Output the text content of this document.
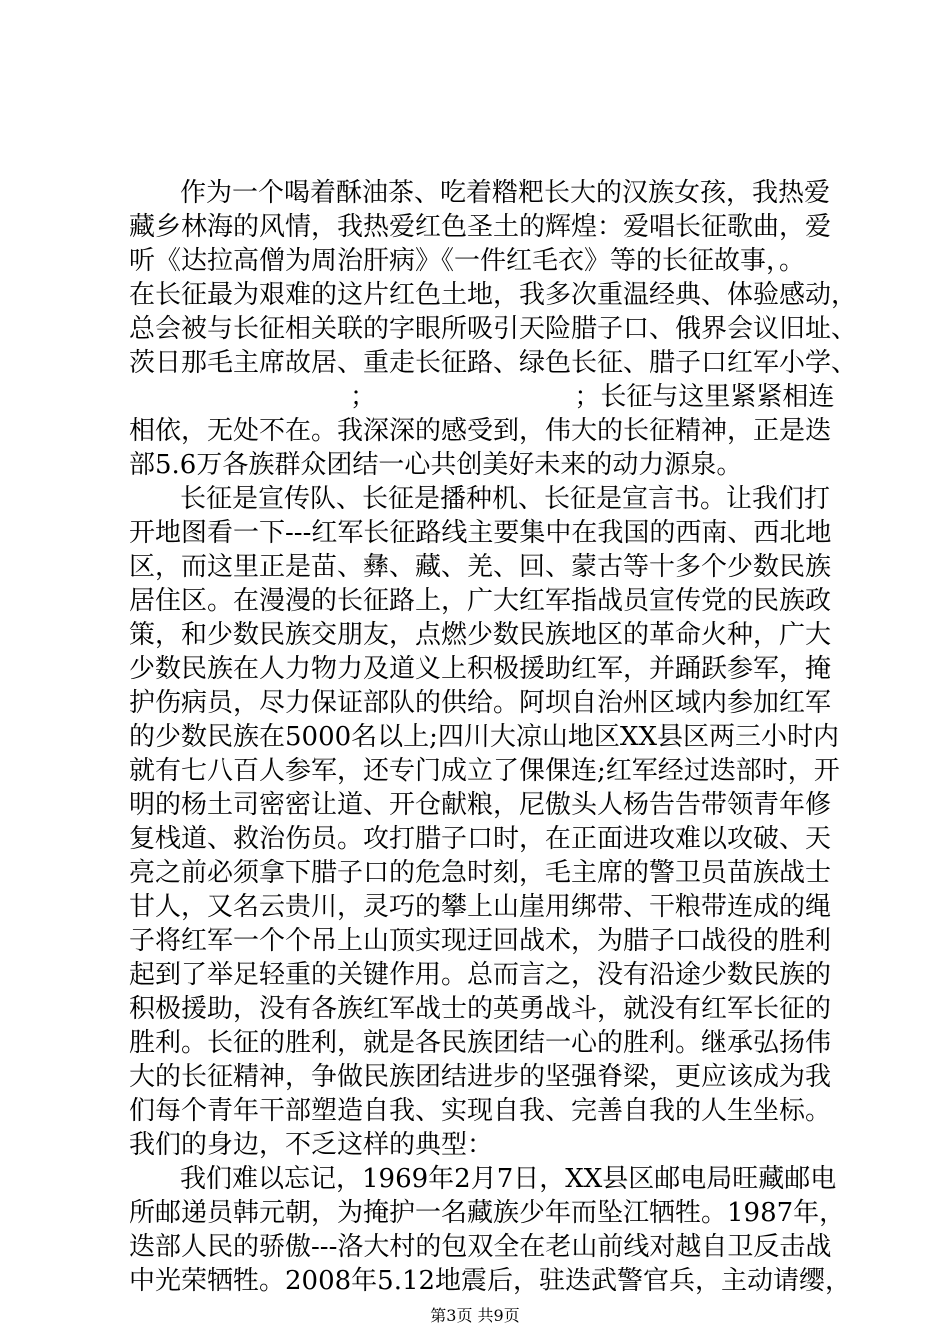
作为一个喝着酥油茶、吃着糌粑长大的汉族女孩，我热爱
藏乡林海的风情，我热爱红色圣土的辉煌：爱唱长征歌曲，爱
听《达拉高僧为周治肝病》《一件红毛衣》等的长征故事，。
在长征最为艰难的这片红色土地，我多次重温经典、体验感动，
总会被与长征相关联的字眼所吸引天险腊子口、俄界会议旧址、
茨日那毛主席故居、重走长征路、绿色长征、腊子口红军小学、
；                        ；长征与这里紧紧相连
相依，无处不在。我深深的感受到，伟大的长征精神，正是迭
部5.6万各族群众团结一心共创美好未来的动力源泉。
长征是宣传队、长征是播种机、长征是宣言书。让我们打
开地图看一下---红军长征路线主要集中在我国的西南、西北地
区，而这里正是苗、彝、藏、羌、回、蒙古等十多个少数民族
居住区。在漫漫的长征路上，广大红军指战员宣传党的民族政
策，和少数民族交朋友，点燃少数民族地区的革命火种，广大
少数民族在人力物力及道义上积极援助红军，并踊跃参军，掩
护伤病员，尽力保证部队的供给。阿坝自治州区域内参加红军
的少数民族在5000名以上;四川大凉山地区XX县区两三小时内
就有七八百人参军，还专门成立了倮倮连;红军经过迭部时，开
明的杨土司密密让道、开仓献粮，尼傲头人杨告告带领青年修
复栈道、救治伤员。攻打腊子口时，在正面进攻难以攻破、天
亮之前必须拿下腊子口的危急时刻，毛主席的警卫员苗族战士
甘人，又名云贵川，灵巧的攀上山崖用绑带、干粮带连成的绳
子将红军一个个吊上山顶实现迂回战术，为腊子口战役的胜利
起到了举足轻重的关键作用。总而言之，没有沿途少数民族的
积极援助，没有各族红军战士的英勇战斗，就没有红军长征的
胜利。长征的胜利，就是各民族团结一心的胜利。继承弘扬伟
大的长征精神，争做民族团结进步的坚强脊梁，更应该成为我
们每个青年干部塑造自我、实现自我、完善自我的人生坐标。
我们的身边，不乏这样的典型：
我们难以忘记，1969年2月7日，XX县区邮电局旺藏邮电
所邮递员韩元朝，为掩护一名藏族少年而坠江牺牲。1987年，
迭部人民的骄傲---洛大村的包双全在老山前线对越自卫反击战
中光荣牺牲。2008年5.12地震后，驻迭武警官兵，主动请缨，
第3页 共9页
